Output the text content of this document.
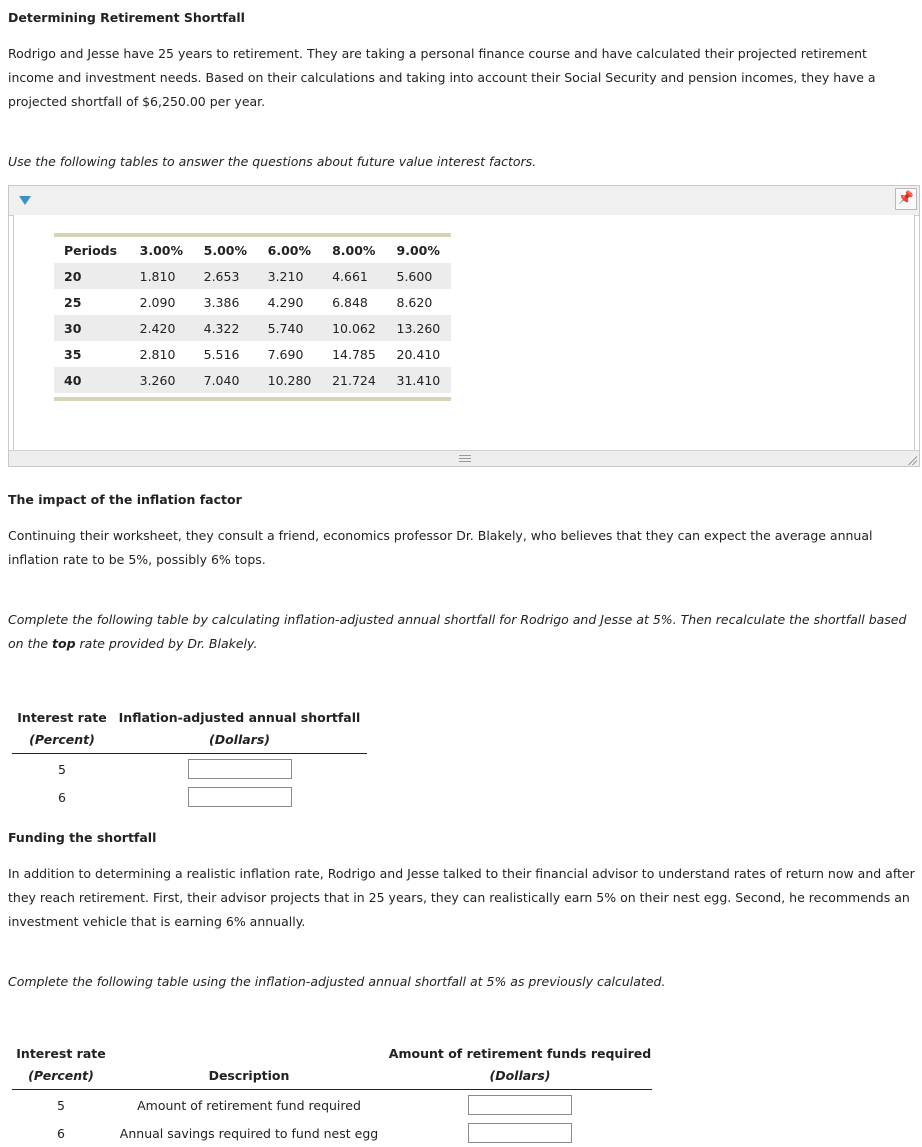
Determining Retirement Shortfall
Rodrigo and Jesse have 25 years to retirement. They are taking a personal finance course and have calculated their projected retirement income and investment needs. Based on their calculations and taking into account their Social Security and pension incomes, they have a projected shortfall of $6,250.00 per year.
Use the following tables to answer the questions about future value interest factors.
📌
Periods	3.00%	5.00%	6.00%	8.00%	9.00%
20	1.810	2.653	3.210	4.661	5.600
25	2.090	3.386	4.290	6.848	8.620
30	2.420	4.322	5.740	10.062	13.260
35	2.810	5.516	7.690	14.785	20.410
40	3.260	7.040	10.280	21.724	31.410
The impact of the inflation factor
Continuing their worksheet, they consult a friend, economics professor Dr. Blakely, who believes that they can expect the average annual inflation rate to be 5%, possibly 6% tops.
Complete the following table by calculating inflation-adjusted annual shortfall for Rodrigo and Jesse at 5%. Then recalculate the shortfall based on the top rate provided by Dr. Blakely.
Interest rate
(Percent)	Inflation-adjusted annual shortfall
(Dollars)

5	
6	
Funding the shortfall
In addition to determining a realistic inflation rate, Rodrigo and Jesse talked to their financial advisor to understand rates of return now and after they reach retirement. First, their advisor projects that in 25 years, they can realistically earn 5% on their nest egg. Second, he recommends an investment vehicle that is earning 6% annually.
Complete the following table using the inflation-adjusted annual shortfall at 5% as previously calculated.
Interest rate
(Percent)	Description	Amount of retirement funds required
(Dollars)

5	Amount of retirement fund required	
6	Annual savings required to fund nest egg	
